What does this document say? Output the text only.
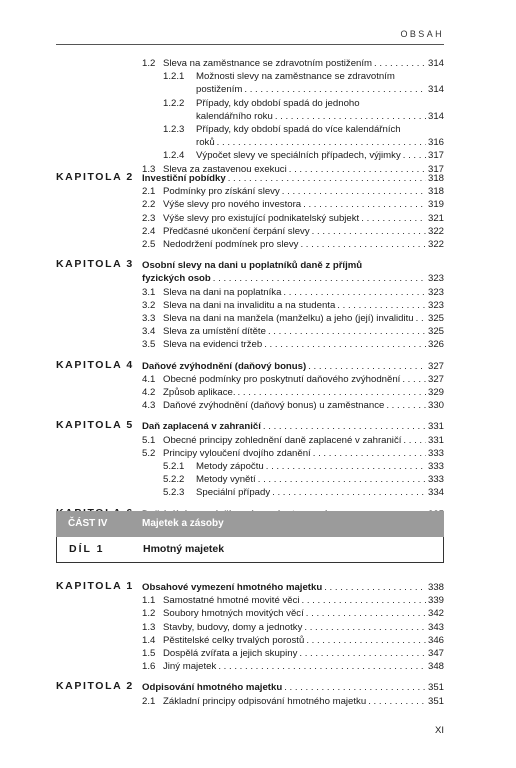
OBSAH
1.2 Sleva na zaměstnance se zdravotním postižením . . .	314
1.2.1	Možnosti slevy na zaměstnance se zdravotním
postižením . . .	314
1.2.2	Případy, kdy období spadá do jednoho
kalendářního roku . . .	314
1.2.3	Případy, kdy období spadá do více kalendářních
roků . . .	316
1.2.4	Výpočet slevy ve speciálních případech, výjimky . . .	317
1.3 Sleva za zastavenou exekuci . . .	317
KAPITOLA 2 Investiční pobídky . . .	318
2.1 Podmínky pro získání slevy . . .	318
2.2 Výše slevy pro nového investora . . .	319
2.3 Výše slevy pro existující podnikatelský subjekt . . .	321
2.4 Předčasné ukončení čerpání slevy . . .	322
2.5 Nedodržení podmínek pro slevy . . .	322
KAPITOLA 3 Osobní slevy na dani u poplatníků daně z příjmů
fyzických osob . . .	323
3.1 Sleva na dani na poplatníka . . .	323
3.2 Sleva na dani na invaliditu a na studenta . . .	323
3.3 Sleva na dani na manžela (manželku) a jeho (její) invaliditu . . . 325
3.4 Sleva za umístění dítěte . . .	325
3.5 Sleva na evidenci tržeb . . .	326
KAPITOLA 4 Daňové zvýhodnění (daňový bonus) . . .	327
4.1 Obecné podmínky pro poskytnutí daňového zvýhodnění . . .	327
4.2 Způsob aplikace. . . .	329
4.3 Daňové zvýhodnění (daňový bonus) u zaměstnance . . .	330
KAPITOLA 5 Daň zaplacená v zahraničí . . .	331
5.1 Obecné principy zohlednění daně zaplacené v zahraničí . . .	331
5.2 Principy vyloučení dvojího zdanění . . .	333
5.2.1	Metody zápočtu . . .	333
5.2.2	Metody vynětí . . .	333
5.2.3	Speciální případy . . .	334
. . .
KAPITOLA 1 Obsahové vymezení hmotného majetku . . .	338
1.1 Samostatné hmotné movité věci . . .	339
1.2 Soubory hmotných movitých věcí . . .	342
1.3 Stavby, budovy, domy a jednotky . . .	343
1.4 Pěstitelské celky trvalých porostů . . .	346
1.5 Dospělá zvířata a jejich skupiny . . .	347
1.6 Jiný majetek . . .	348
KAPITOLA 2 Odpisování hmotného majetku . . .	351
2.1 Základní principy odpisování hmotného majetku . . .	351
ČÁST IV	Majetek a zásoby
DÍL 1	Hmotný majetek
XI
